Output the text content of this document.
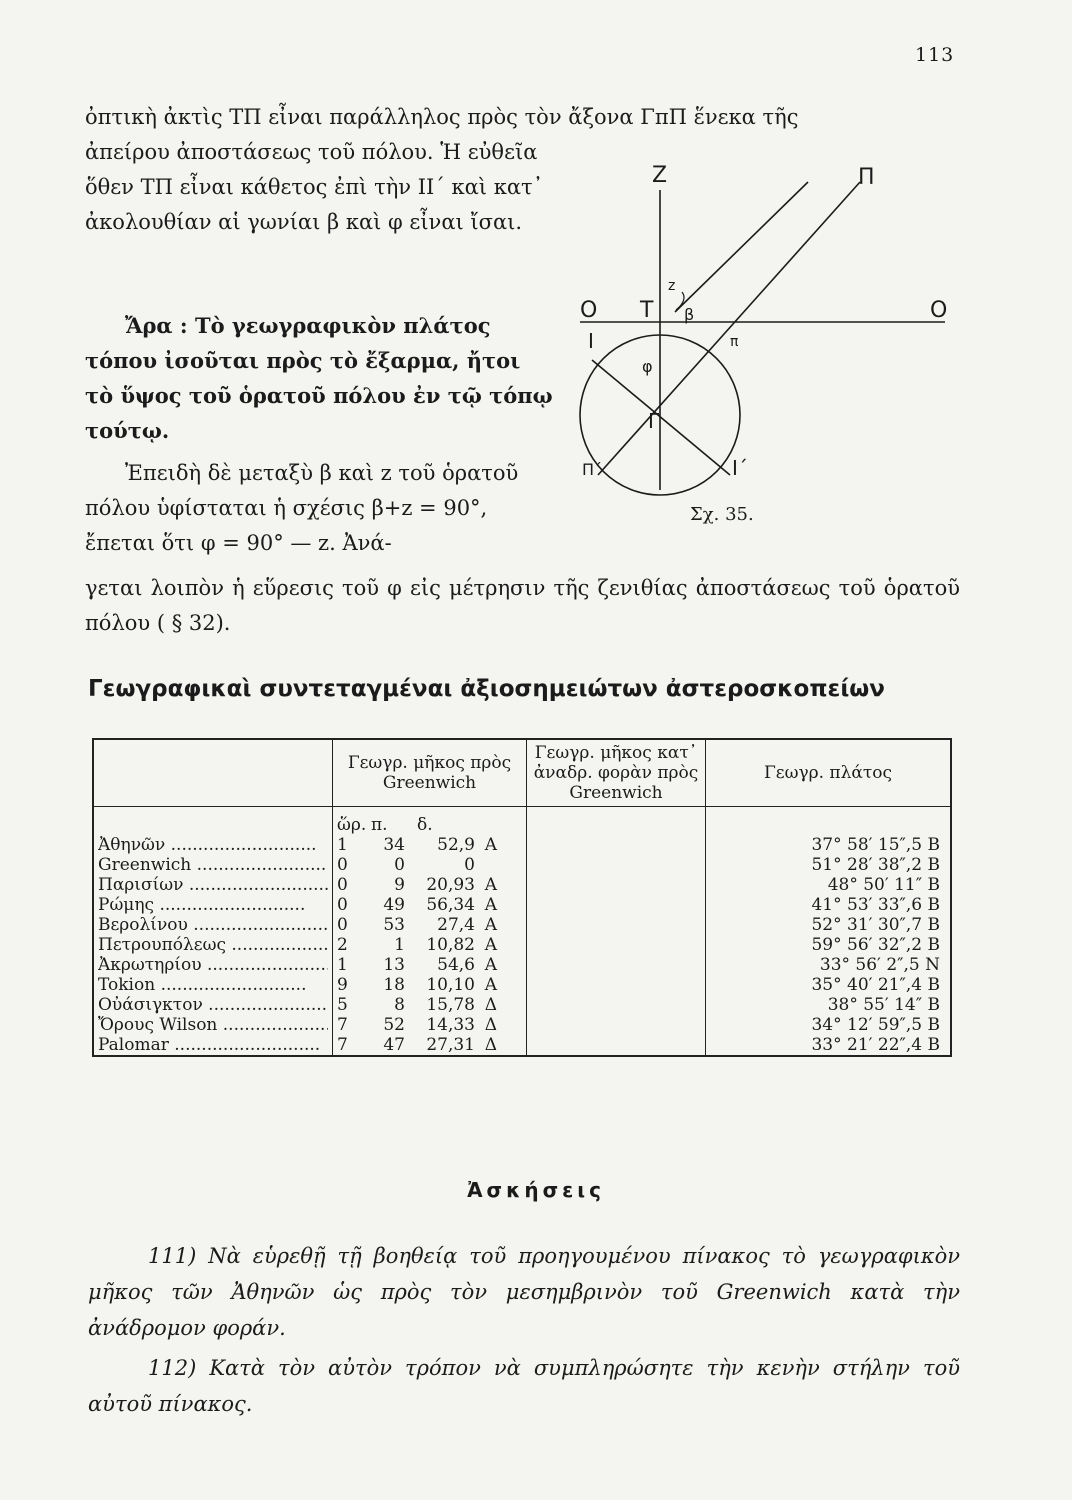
113

ὀπτικὴ ἀκτὶς ΤΠ εἶναι παράλληλος πρὸς τὸν ἄξονα ΓπΠ ἕνεκα τῆς

ἀπείρου ἀποστάσεως τοῦ πόλου. Ἡ εὐθεῖα ὅθεν ΤΠ εἶναι κάθετος ἐπὶ τὴν ΙΙ΄ καὶ κατ᾽ ἀκολουθίαν αἱ γωνίαι β καὶ φ εἶναι ἴσαι.

Ἄρα : Τὸ γεωγραφικὸν πλάτος τόπου ἰσοῦται πρὸς τὸ ἔξαρμα, ἤτοι τὸ ὕψος τοῦ ὁρατοῦ πόλου ἐν τῷ τόπῳ τούτῳ.

Ἐπειδὴ δὲ μεταξὺ β καὶ z τοῦ ὁρατοῦ πόλου ὑφίσταται ἡ σχέσις β+z = 90°, ἔπεται ὅτι φ = 90° — z. Ἀνά-

γεται λοιπὸν ἡ εὕρεσις τοῦ φ εἰς μέτρησιν τῆς ζενιθίας ἀποστάσεως τοῦ ὁρατοῦ πόλου ( § 32).

Z	Π
O T	O
z
β
π
Ι
φ
Γ
Ι΄
Π΄
Σχ. 35.
Γεωγραφικαὶ συντεταγμέναι ἀξιοσημειώτων ἀστεροσκοπείων
	Γεωγρ. μῆκος πρὸς Greenwich	Γεωγρ. μῆκος κατ᾽ ἀναδρ. φορὰν πρὸς Greenwich	Γεωγρ. πλάτος
	ὥρ. π. δ.		

Ἀθηνῶν .....	1 34 52,9 A		37° 58′ 15″,5 B

Greenwich .....	0 0 0		51° 28′ 38″,2 B

Παρισίων .....	0 9 20,93 A		48° 50′ 11″ B

Ρώμης .....	0 49 56,34 A		41° 53′ 33″,6 B

Βερολίνου .....	0 53 27,4 A		52° 31′ 30″,7 B

Πετρουπόλεως .....	2 1 10,82 A		59° 56′ 32″,2 B

Ἀκρωτηρίου .....	1 13 54,6 A		33° 56′ 2″,5 N

Tokion .....	9 18 10,10 A		35° 40′ 21″,4 B

Οὐάσιγκτον .....	5 8 15,78 Δ		38° 55′ 14″ B

Ὄρους Wilson .....	7 52 14,33 Δ		34° 12′ 59″,5 B

Palomar .....	7 47 27,31 Δ		33° 21′ 22″,4 B
Ἀσκήσεις

111) Νὰ εὑρεθῇ τῇ βοηθείᾳ τοῦ προηγουμένου πίνακος τὸ γεωγραφικὸν μῆκος τῶν Ἀθηνῶν ὡς πρὸς τὸν μεσημβρινὸν τοῦ Greenwich κατὰ τὴν ἀνάδρομον φοράν.

112) Κατὰ τὸν αὐτὸν τρόπον νὰ συμπληρώσητε τὴν κενὴν στήλην τοῦ αὐτοῦ πίνακος.
